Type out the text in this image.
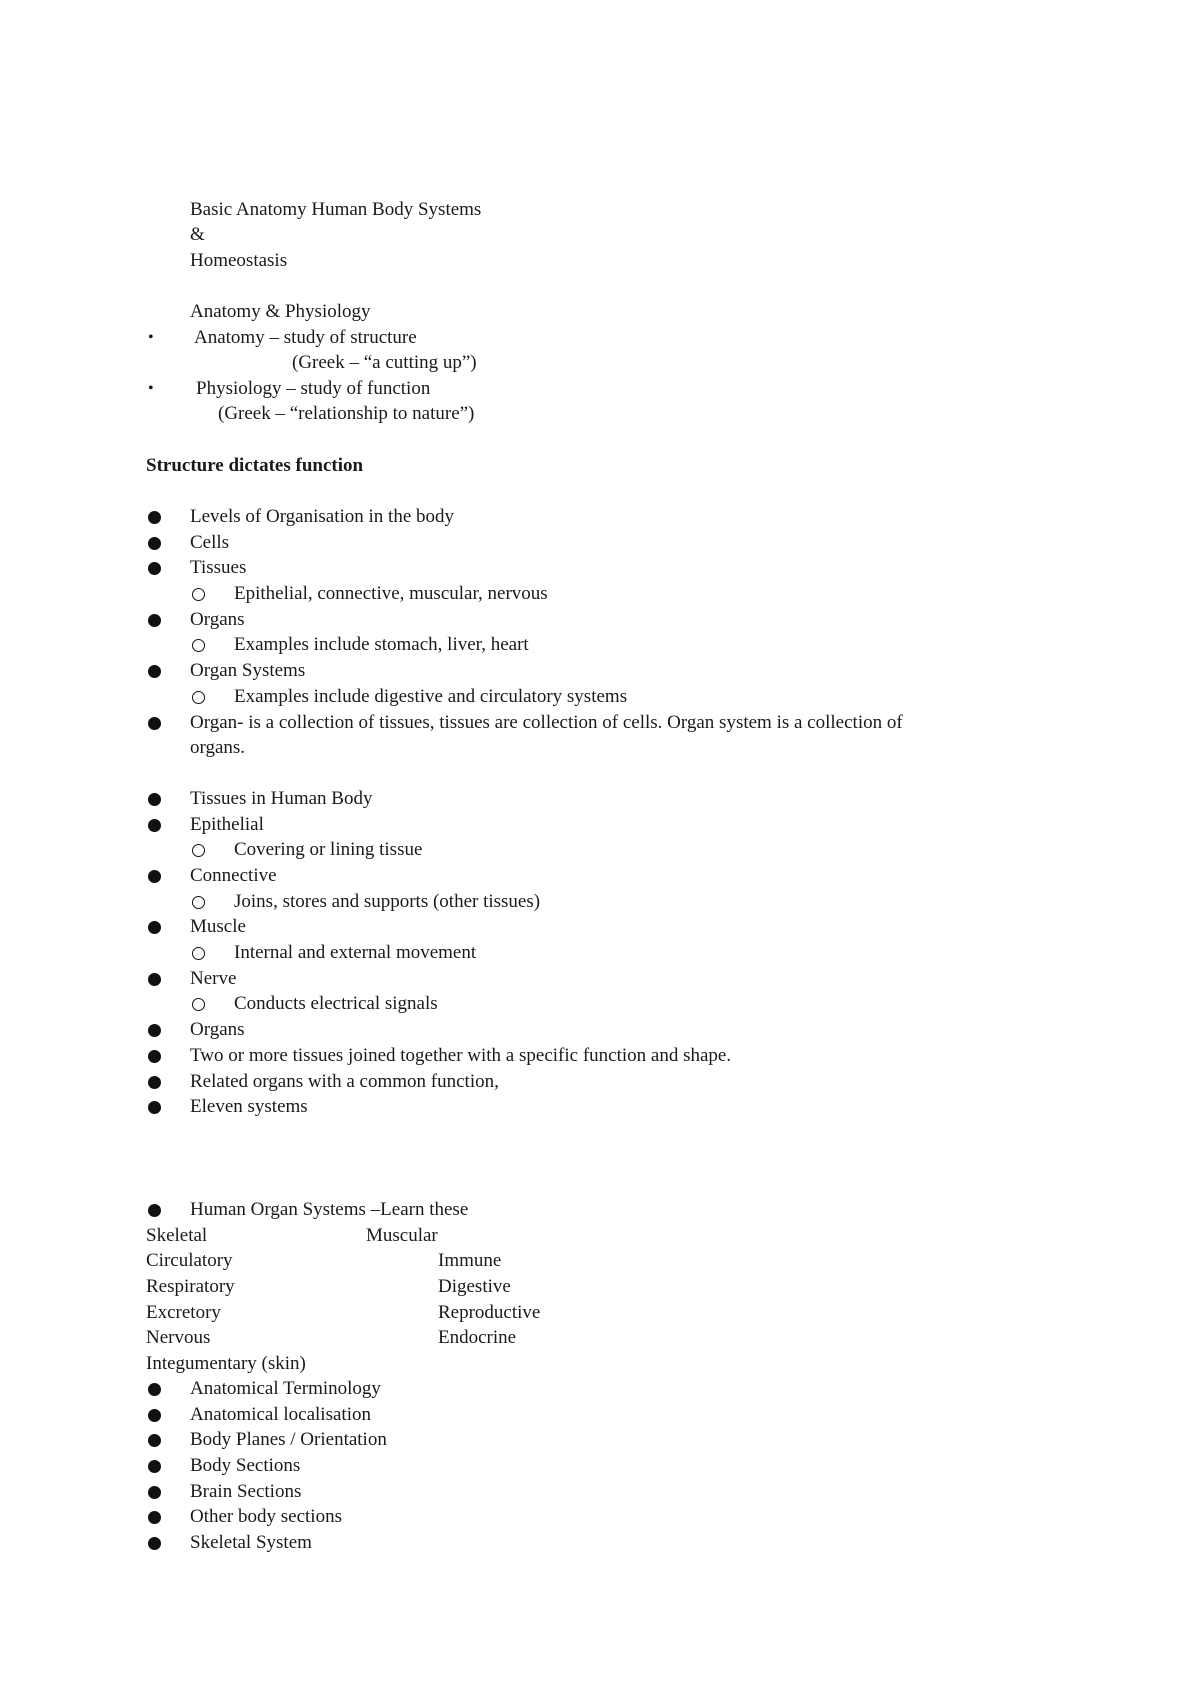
Basic Anatomy Human Body Systems
&
Homeostasis
Anatomy & Physiology
• Anatomy – study of structure
(Greek – “a cutting up”)
• Physiology – study of function
(Greek – “relationship to nature”)
Structure dictates function
Levels of Organisation in the body
Cells
Tissues
Epithelial, connective, muscular, nervous
Organs
Examples include stomach, liver, heart
Organ Systems
Examples include digestive and circulatory systems
Organ- is a collection of tissues, tissues are collection of cells. Organ system is a collection of
organs.
Tissues in Human Body
Epithelial
Covering or lining tissue
Connective
Joins, stores and supports (other tissues)
Muscle
Internal and external movement
Nerve
Conducts electrical signals
Organs
Two or more tissues joined together with a specific function and shape.
Related organs with a common function,
Eleven systems
Human Organ Systems –Learn these
Skeletal	Muscular
Circulatory	Immune
Respiratory	Digestive
Excretory	Reproductive
Nervous	Endocrine
Integumentary (skin)
Anatomical Terminology
Anatomical localisation
Body Planes / Orientation
Body Sections
Brain Sections
Other body sections
Skeletal System
